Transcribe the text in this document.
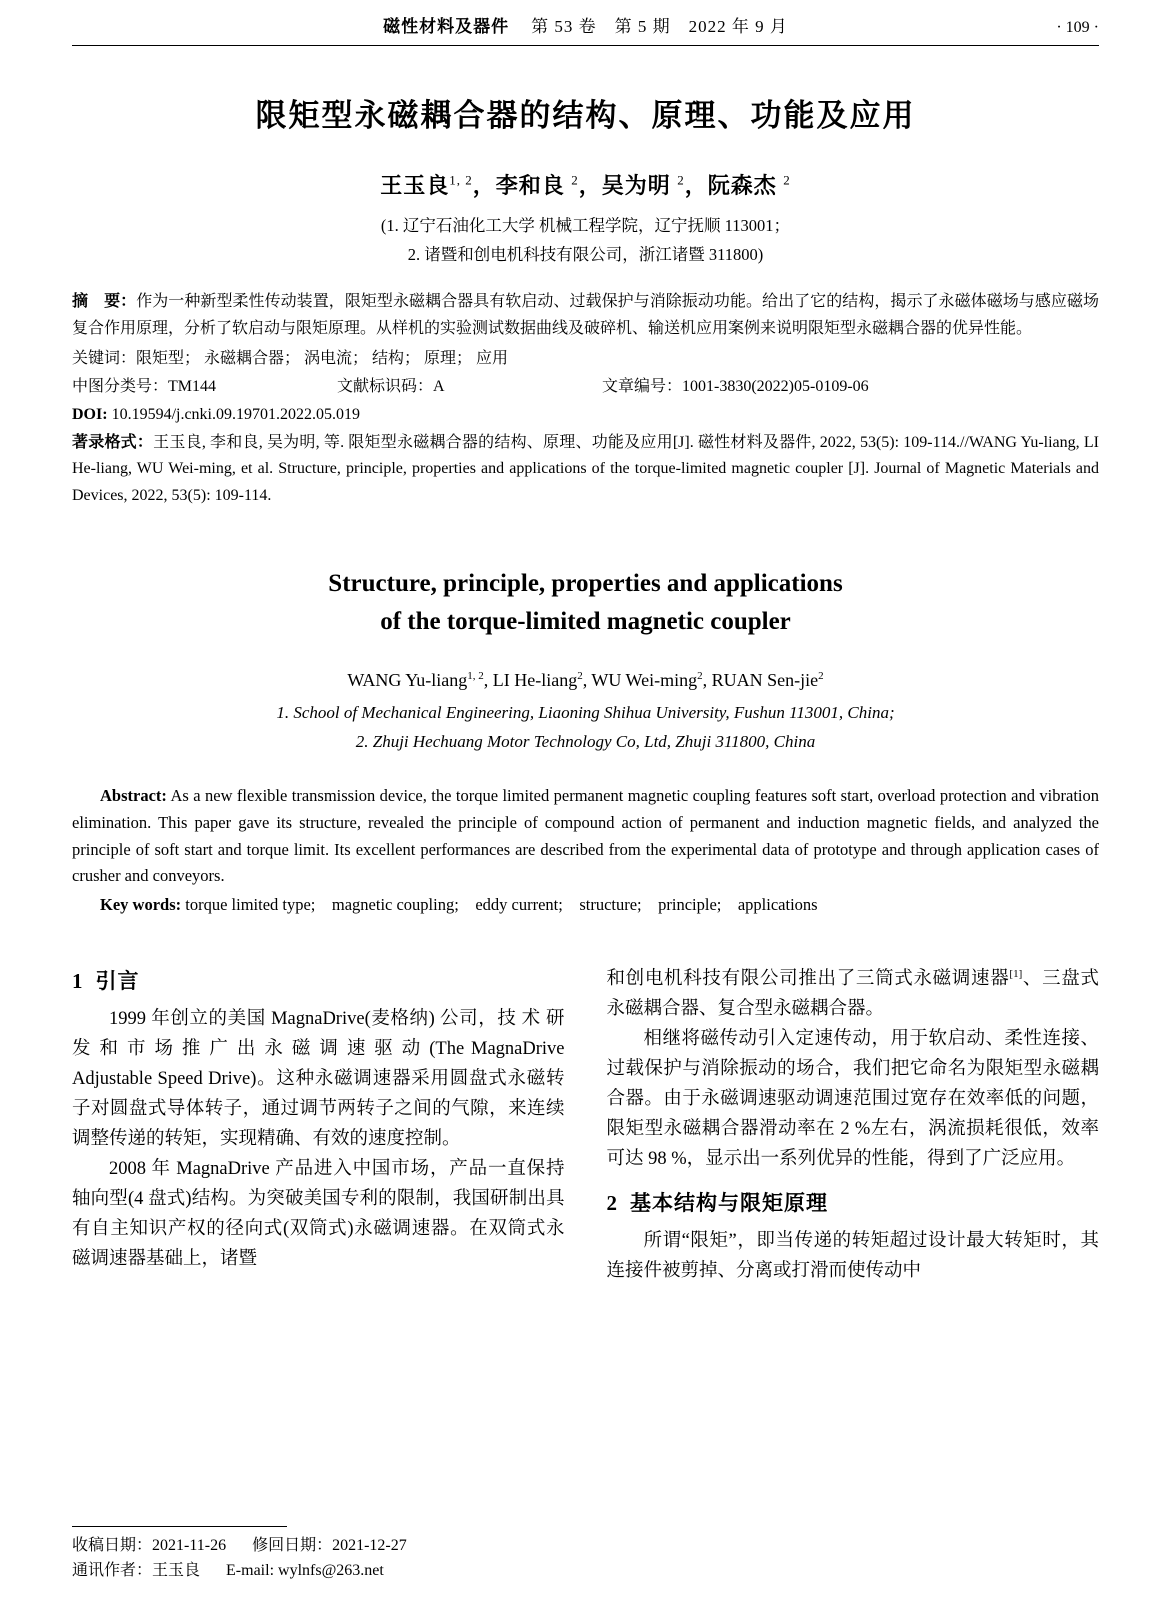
磁性材料及器件 第 53 卷　第 5 期　2022 年 9 月	· 109 ·
限矩型永磁耦合器的结构、原理、功能及应用
王玉良$^{1, 2}$，李和良 $^2$，吴为明 $^2$，阮森杰 $^2$
(1. 辽宁石油化工大学 机械工程学院，辽宁抚顺 113001；
2. 诸暨和创电机科技有限公司，浙江诸暨 311800)

摘　要：作为一种新型柔性传动装置，限矩型永磁耦合器具有软启动、过载保护与消除振动功能。给出了它的结构，揭示了永磁体磁场与感应磁场复合作用原理，分析了软启动与限矩原理。从样机的实验测试数据曲线及破碎机、输送机应用案例来说明限矩型永磁耦合器的优异性能。

关键词：限矩型； 永磁耦合器； 涡电流； 结构； 原理； 应用
中图分类号：TM144	文献标识码：A	文章编号：1001-3830(2022)05-0109-06
DOI: 10.19594/j.cnki.09.19701.2022.05.019
著录格式：王玉良, 李和良, 吴为明, 等. 限矩型永磁耦合器的结构、原理、功能及应用[J]. 磁性材料及器件, 2022, 53(5): 109-114.//WANG Yu-liang, LI He-liang, WU Wei-ming, et al. Structure, principle, properties and applications of the torque-limited magnetic coupler [J]. Journal of Magnetic Materials and Devices, 2022, 53(5): 109-114.
Structure, principle, properties and applications
of the torque-limited magnetic coupler
WANG Yu-liang$^{1, 2}$, LI He-liang$^2$, WU Wei-ming$^2$, RUAN Sen-jie$^2$
1. School of Mechanical Engineering, Liaoning Shihua University, Fushun 113001, China;
2. Zhuji Hechuang Motor Technology Co, Ltd, Zhuji 311800, China
Abstract: As a new flexible transmission device, the torque limited permanent magnetic coupling features soft start, overload protection and vibration elimination. This paper gave its structure, revealed the principle of compound action of permanent and induction magnetic fields, and analyzed the principle of soft start and torque limit. Its excellent performances are described from the experimental data of prototype and through application cases of crusher and conveyors.
Key words: torque limited type;　magnetic coupling;　eddy current;　structure;　principle;　applications
1 引言

1999 年创立的美国 MagnaDrive(麦格纳) 公司，技 术 研 发 和 市 场 推 广 出 永 磁 调 速 驱 动 (The MagnaDrive Adjustable Speed Drive)。这种永磁调速器采用圆盘式永磁转子对圆盘式导体转子，通过调节两转子之间的气隙，来连续调整传递的转矩，实现精确、有效的速度控制。

2008 年 MagnaDrive 产品进入中国市场，产品一直保持轴向型(4 盘式)结构。为突破美国专利的限制，我国研制出具有自主知识产权的径向式(双筒式)永磁调速器。在双筒式永磁调速器基础上，诸暨

和创电机科技有限公司推出了三筒式永磁调速器[1]、三盘式永磁耦合器、复合型永磁耦合器。

相继将磁传动引入定速传动，用于软启动、柔性连接、过载保护与消除振动的场合，我们把它命名为限矩型永磁耦合器。由于永磁调速驱动调速范围过宽存在效率低的问题，限矩型永磁耦合器滑动率在 2 %左右，涡流损耗很低，效率可达 98 %，显示出一系列优异的性能，得到了广泛应用。

2 基本结构与限矩原理

所谓“限矩”，即当传递的转矩超过设计最大转矩时，其连接件被剪掉、分离或打滑而使传动中

收稿日期：2021-11-26 修回日期：2021-12-27
通讯作者：王玉良 E-mail: wylnfs@263.net
